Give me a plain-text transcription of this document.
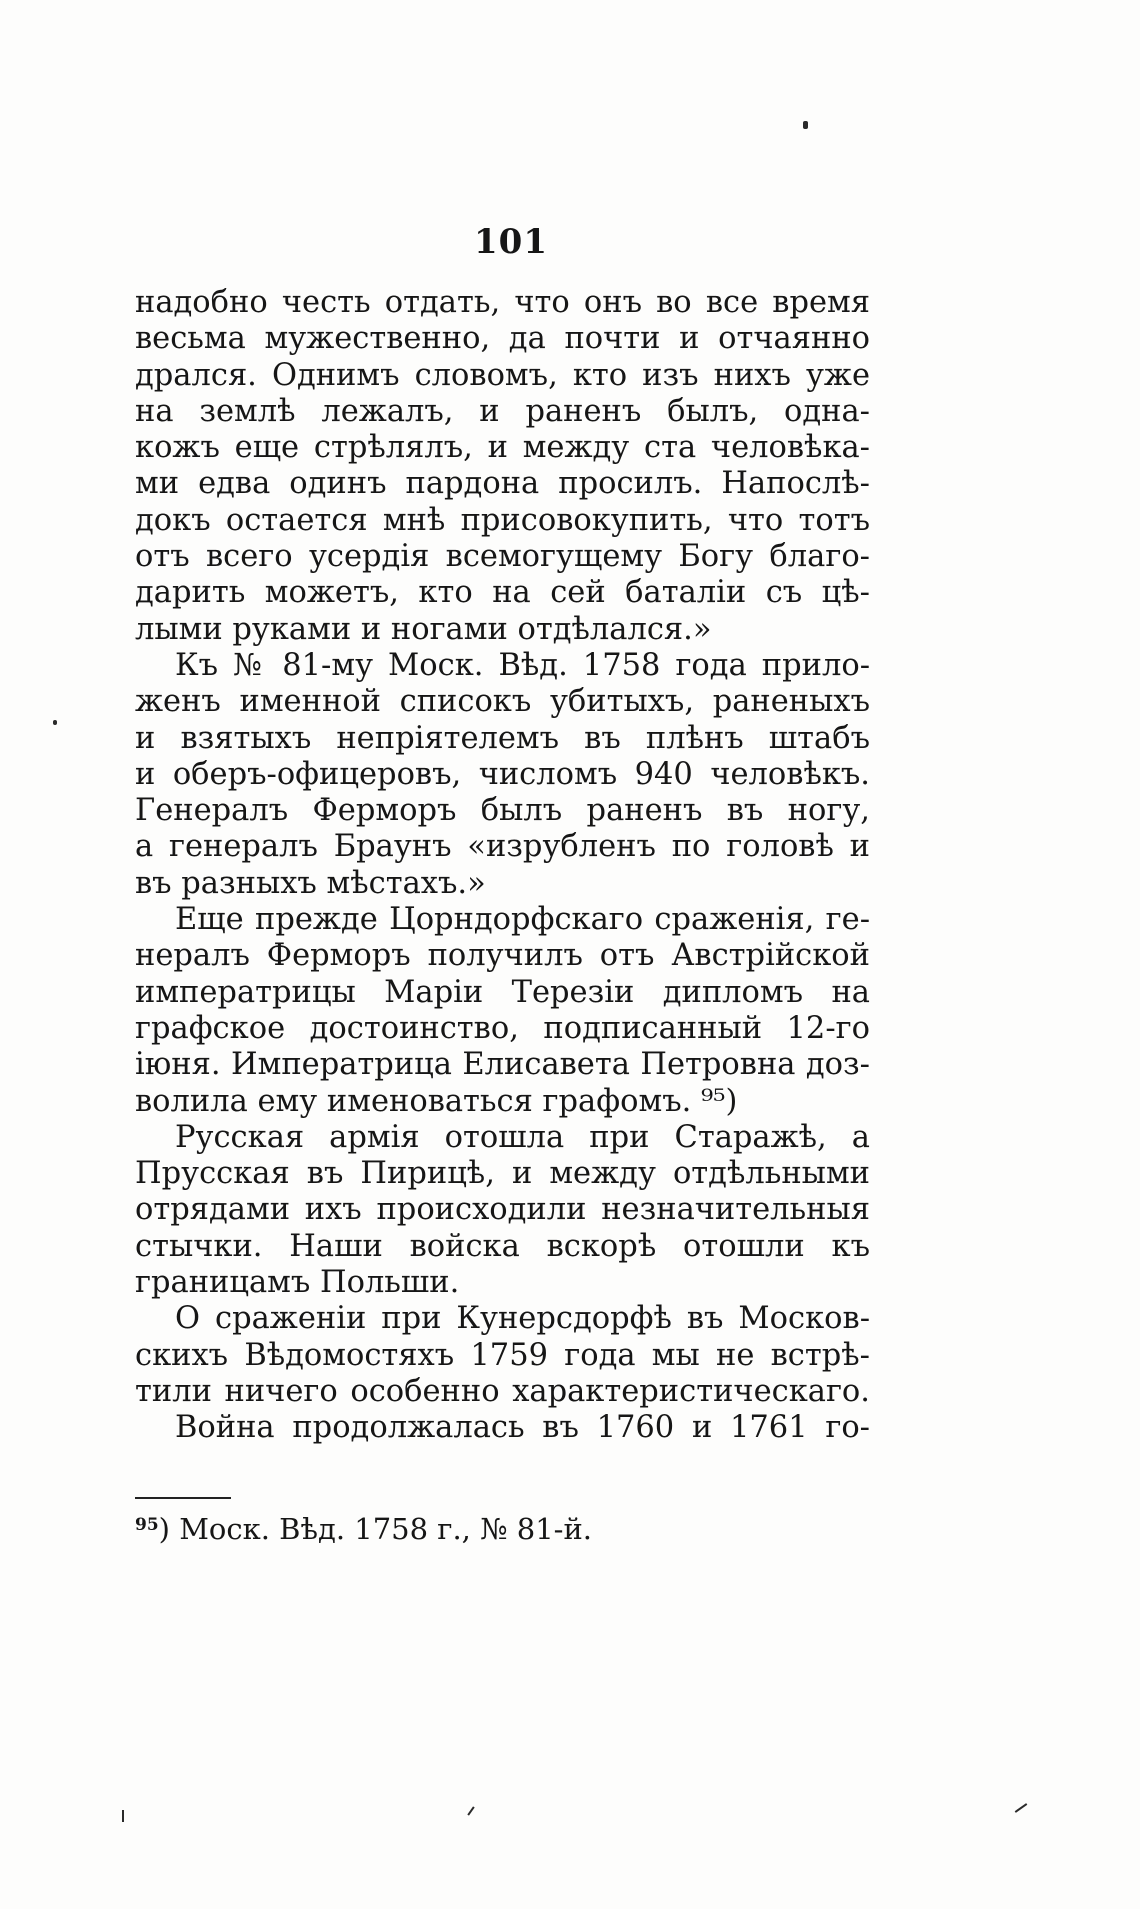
101
надобно честь отдать, что онъ во все время
весьма мужественно, да почти и отчаянно
дрался. Однимъ словомъ, кто изъ нихъ уже
на землѣ лежалъ, и раненъ былъ, одна-
кожъ еще стрѣлялъ, и между ста человѣка-
ми едва одинъ пардона просилъ. Напослѣ-
докъ остается мнѣ присовокупить, что тотъ
отъ всего усердія всемогущему Богу благо-
дарить можетъ, кто на сей баталіи съ цѣ-
лыми руками и ногами отдѣлался.»
Къ № 81-му Моск. Вѣд. 1758 года прило-
женъ именной списокъ убитыхъ, раненыхъ
и взятыхъ непріятелемъ въ плѣнъ штабъ
и оберъ-офицеровъ, числомъ 940 человѣкъ.
Генералъ Ферморъ былъ раненъ въ ногу,
а генералъ Браунъ «изрубленъ по головѣ и
въ разныхъ мѣстахъ.»
Еще прежде Цорндорфскаго сраженія, ге-
нералъ Ферморъ получилъ отъ Австрійской
императрицы Маріи Терезіи дипломъ на
графское достоинство, подписанный 12-го
іюня. Императрица Елисавета Петровна доз-
волила ему именоваться графомъ. ⁹⁵)
Русская армія отошла при Старажѣ, а
Прусская въ Пирицѣ, и между отдѣльными
отрядами ихъ происходили незначительныя
стычки. Наши войска вскорѣ отошли къ
границамъ Польши.
О сраженіи при Кунерсдорфѣ въ Москов-
скихъ Вѣдомостяхъ 1759 года мы не встрѣ-
тили ничего особенно характеристическаго.
Война продолжалась въ 1760 и 1761 го-

$^{95}$) Моск. Вѣд. 1758 г., № 81-й.
